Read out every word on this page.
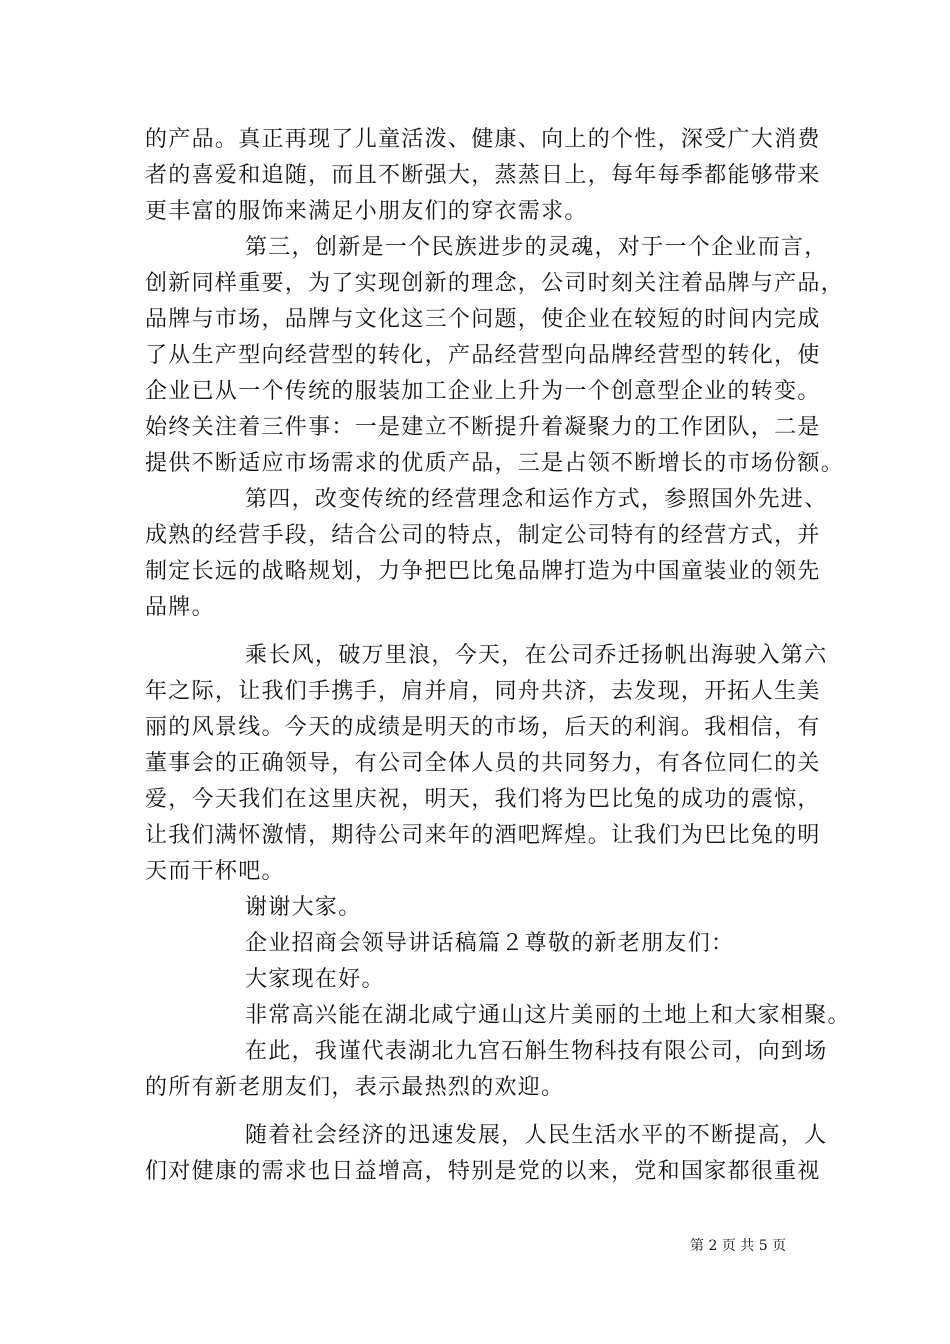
的产品。真正再现了儿童活泼、健康、向上的个性，深受广大消费
者的喜爱和追随，而且不断强大，蒸蒸日上，每年每季都能够带来
更丰富的服饰来满足小朋友们的穿衣需求。
第三，创新是一个民族进步的灵魂，对于一个企业而言，
创新同样重要，为了实现创新的理念，公司时刻关注着品牌与产品，
品牌与市场，品牌与文化这三个问题，使企业在较短的时间内完成
了从生产型向经营型的转化，产品经营型向品牌经营型的转化，使
企业已从一个传统的服装加工企业上升为一个创意型企业的转变。
始终关注着三件事：一是建立不断提升着凝聚力的工作团队，二是
提供不断适应市场需求的优质产品，三是占领不断增长的市场份额。
第四，改变传统的经营理念和运作方式，参照国外先进、
成熟的经营手段，结合公司的特点，制定公司特有的经营方式，并
制定长远的战略规划，力争把巴比兔品牌打造为中国童装业的领先
品牌。
乘长风，破万里浪，今天，在公司乔迁扬帆出海驶入第六
年之际，让我们手携手，肩并肩，同舟共济，去发现，开拓人生美
丽的风景线。今天的成绩是明天的市场，后天的利润。我相信，有
董事会的正确领导，有公司全体人员的共同努力，有各位同仁的关
爱，今天我们在这里庆祝，明天，我们将为巴比兔的成功的震惊，
让我们满怀激情，期待公司来年的酒吧辉煌。让我们为巴比兔的明
天而干杯吧。
谢谢大家。
企业招商会领导讲话稿篇２尊敬的新老朋友们：
大家现在好。
非常高兴能在湖北咸宁通山这片美丽的土地上和大家相聚。
在此，我谨代表湖北九宫石斛生物科技有限公司，向到场
的所有新老朋友们，表示最热烈的欢迎。
随着社会经济的迅速发展，人民生活水平的不断提高，人
们对健康的需求也日益增高，特别是党的以来，党和国家都很重视
第 2 页 共 5 页
